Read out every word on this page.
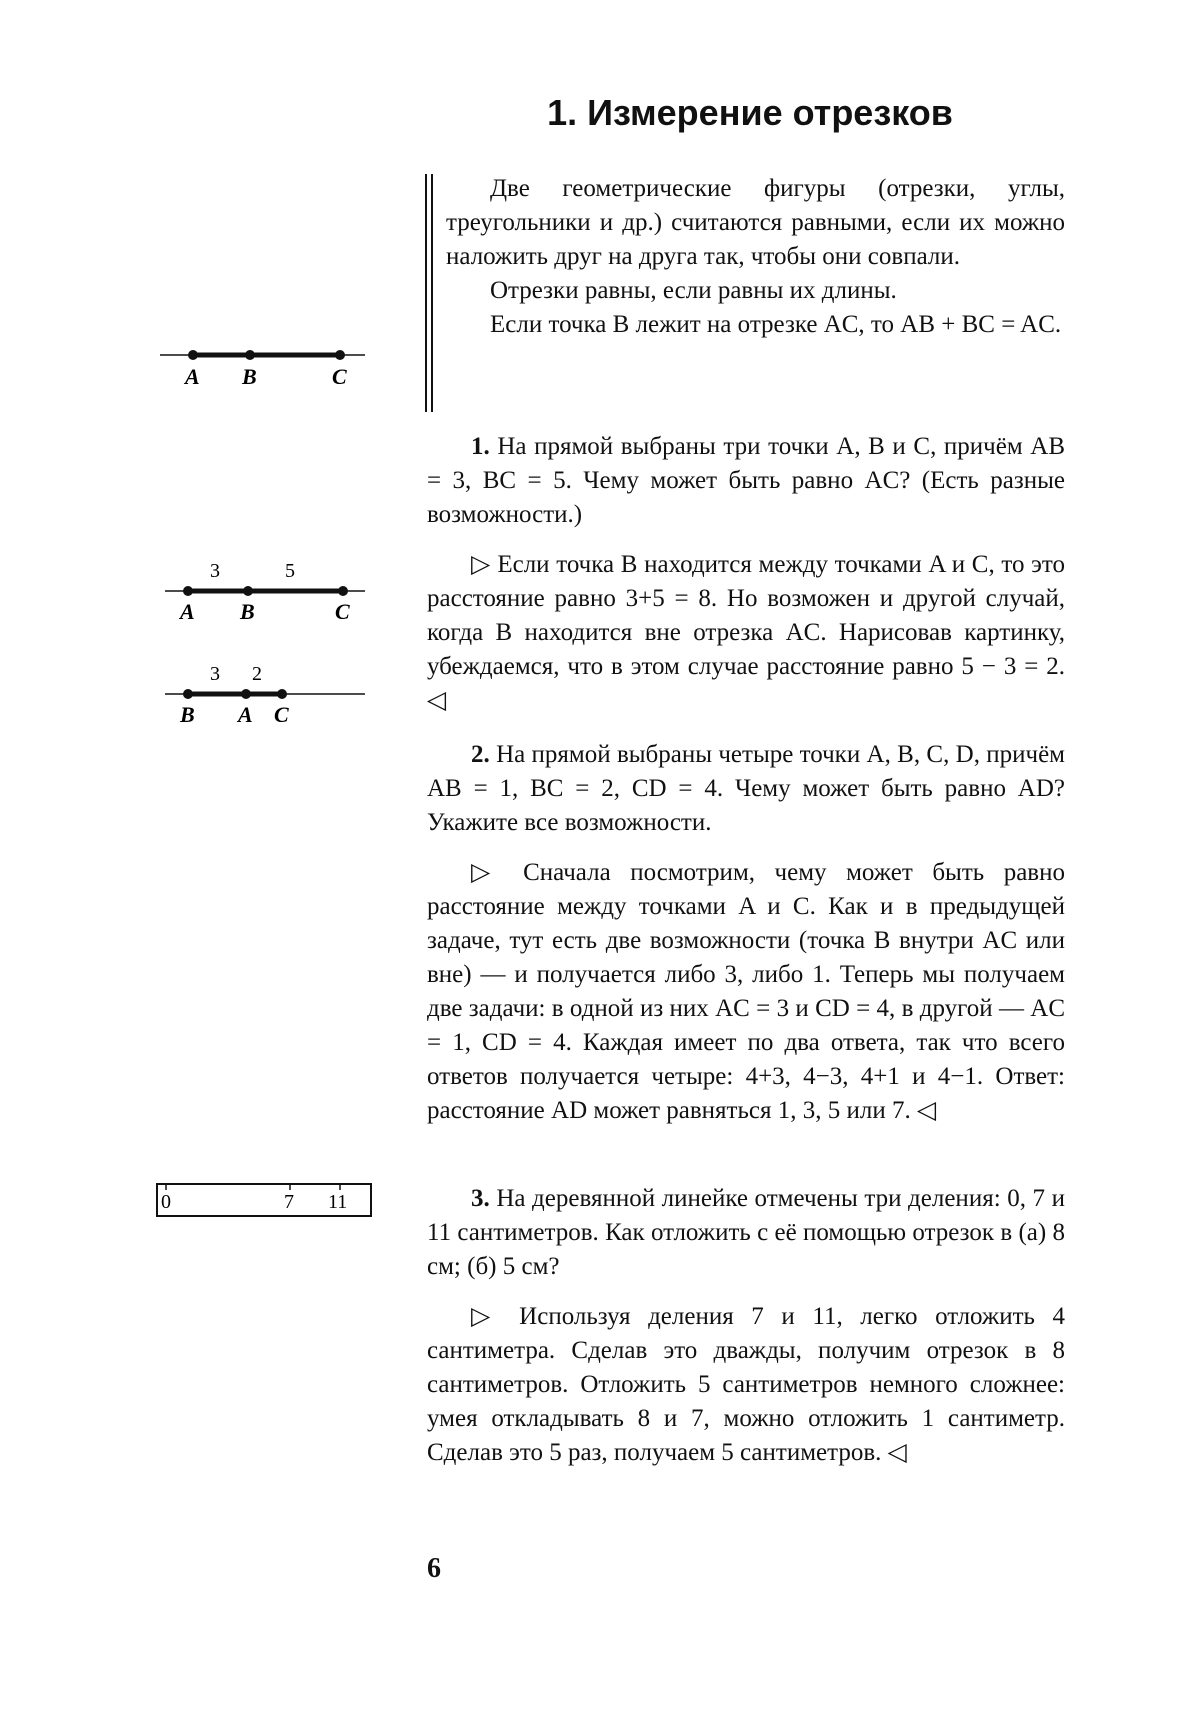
1. Измерение отрезков

Две геометрические фигуры (отрезки, углы, треугольники и др.) считаются равными, если их можно наложить друг на друга так, чтобы они совпали.

Отрезки равны, если равны их длины.

Если точка B лежит на отрезке AC, то AB + BC = AC.

1. На прямой выбраны три точки A, B и C, причём AB = 3, BC = 5. Чему может быть равно AC? (Есть разные возможности.)

▷ Если точка B находится между точками A и C, то это расстояние равно 3+5 = 8. Но возможен и другой случай, когда B находится вне отрезка AC. Нарисовав картинку, убеждаемся, что в этом случае расстояние равно 5 − 3 = 2. ◁

2. На прямой выбраны четыре точки A, B, C, D, причём AB = 1, BC = 2, CD = 4. Чему может быть равно AD? Укажите все возможности.

▷ Сначала посмотрим, чему может быть равно расстояние между точками A и C. Как и в предыдущей задаче, тут есть две возможности (точка B внутри AC или вне) — и получается либо 3, либо 1. Теперь мы получаем две задачи: в одной из них AC = 3 и CD = 4, в другой — AC = 1, CD = 4. Каждая имеет по два ответа, так что всего ответов получается четыре: 4+3, 4−3, 4+1 и 4−1. Ответ: расстояние AD может равняться 1, 3, 5 или 7. ◁

3. На деревянной линейке отмечены три деления: 0, 7 и 11 сантиметров. Как отложить с её помощью отрезок в (а) 8 см; (б) 5 см?

▷ Используя деления 7 и 11, легко отложить 4 сантиметра. Сделав это дважды, получим отрезок в 8 сантиметров. Отложить 5 сантиметров немного сложнее: умея откладывать 8 и 7, можно отложить 1 сантиметр. Сделав это 5 раз, получаем 5 сантиметров. ◁

A B	C
3	5
A B	C
3 2
B A C
0	7 11
6
